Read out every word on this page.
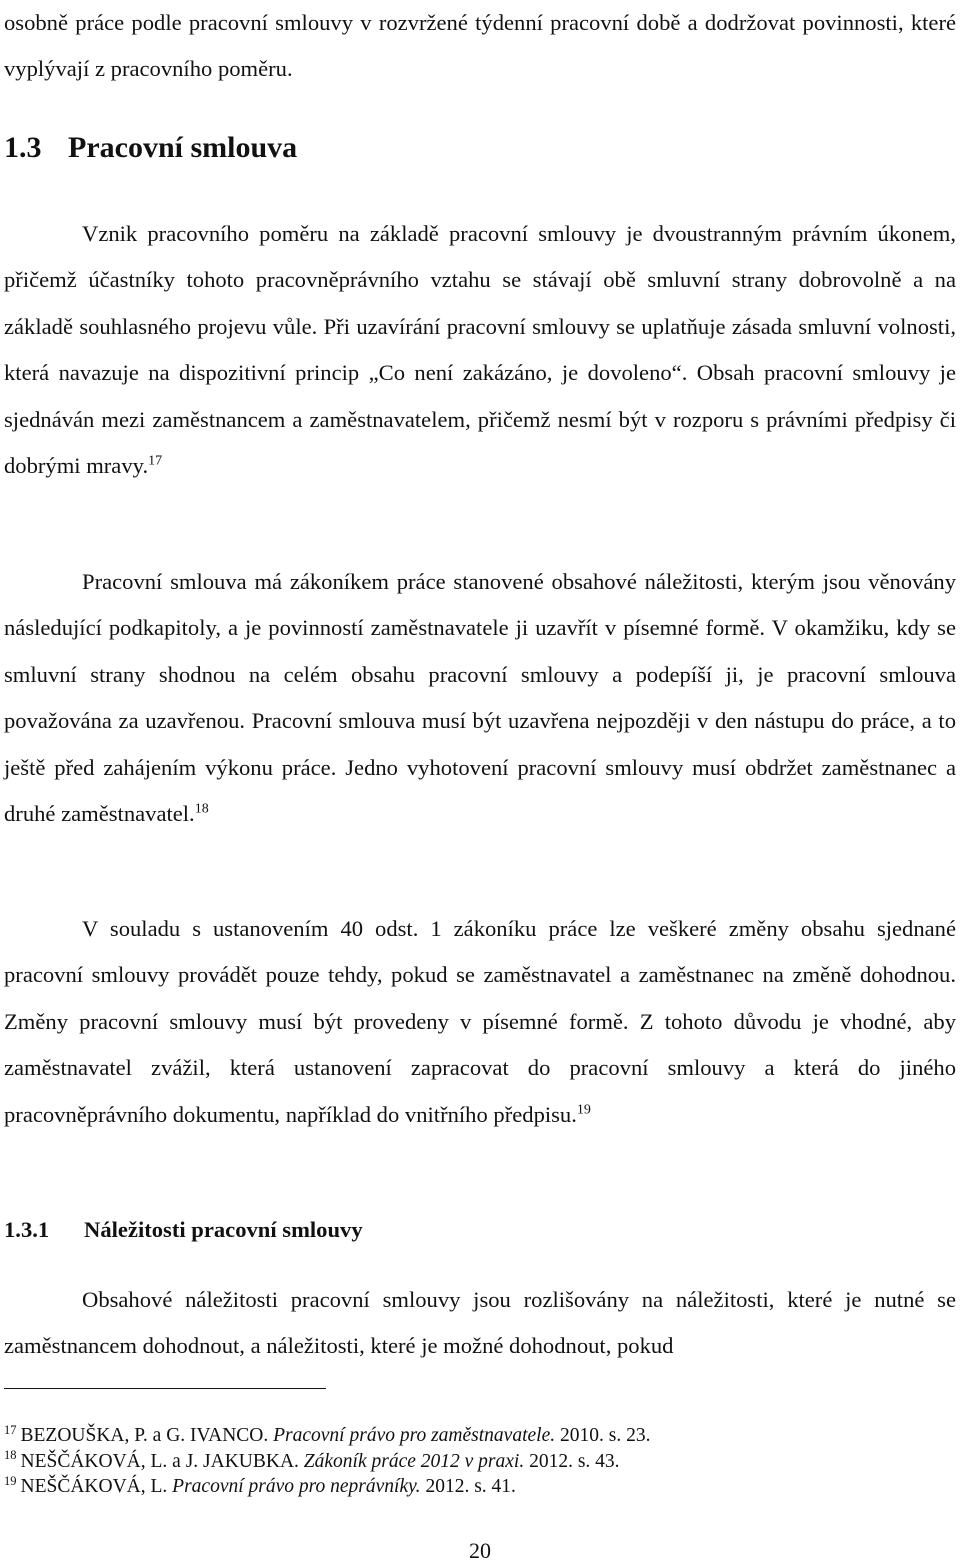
osobně práce podle pracovní smlouvy v rozvržené týdenní pracovní době a dodržovat povinnosti, které vyplývají z pracovního poměru.

1.3 Pracovní smlouva

Vznik pracovního poměru na základě pracovní smlouvy je dvoustranným právním úkonem, přičemž účastníky tohoto pracovněprávního vztahu se stávají obě smluvní strany dobrovolně a na základě souhlasného projevu vůle. Při uzavírání pracovní smlouvy se uplatňuje zásada smluvní volnosti, která navazuje na dispozitivní princip „Co není zakázáno, je dovoleno“. Obsah pracovní smlouvy je sjednáván mezi zaměstnancem a zaměstnavatelem, přičemž nesmí být v rozporu s právními předpisy či dobrými mravy.$^{17}$

Pracovní smlouva má zákoníkem práce stanovené obsahové náležitosti, kterým jsou věnovány následující podkapitoly, a je povinností zaměstnavatele ji uzavřít v písemné formě. V okamžiku, kdy se smluvní strany shodnou na celém obsahu pracovní smlouvy a podepíší ji, je pracovní smlouva považována za uzavřenou. Pracovní smlouva musí být uzavřena nejpozději v den nástupu do práce, a to ještě před zahájením výkonu práce. Jedno vyhotovení pracovní smlouvy musí obdržet zaměstnanec a druhé zaměstnavatel.$^{18}$

V souladu s ustanovením 40 odst. 1 zákoníku práce lze veškeré změny obsahu sjednané pracovní smlouvy provádět pouze tehdy, pokud se zaměstnavatel a zaměstnanec na změně dohodnou. Změny pracovní smlouvy musí být provedeny v písemné formě. Z tohoto důvodu je vhodné, aby zaměstnavatel zvážil, která ustanovení zapracovat do pracovní smlouvy a která do jiného pracovněprávního dokumentu, například do vnitřního předpisu.$^{19}$

1.3.1 Náležitosti pracovní smlouvy

Obsahové náležitosti pracovní smlouvy jsou rozlišovány na náležitosti, které je nutné se zaměstnancem dohodnout, a náležitosti, které je možné dohodnout, pokud

$^{17}$ BEZOUŠKA, P. a G. IVANCO. Pracovní právo pro zaměstnavatele. 2010. s. 23.
$^{18}$ NEŠČÁKOVÁ, L. a J. JAKUBKA. Zákoník práce 2012 v praxi. 2012. s. 43.
$^{19}$ NEŠČÁKOVÁ, L. Pracovní právo pro neprávníky. 2012. s. 41.
20
